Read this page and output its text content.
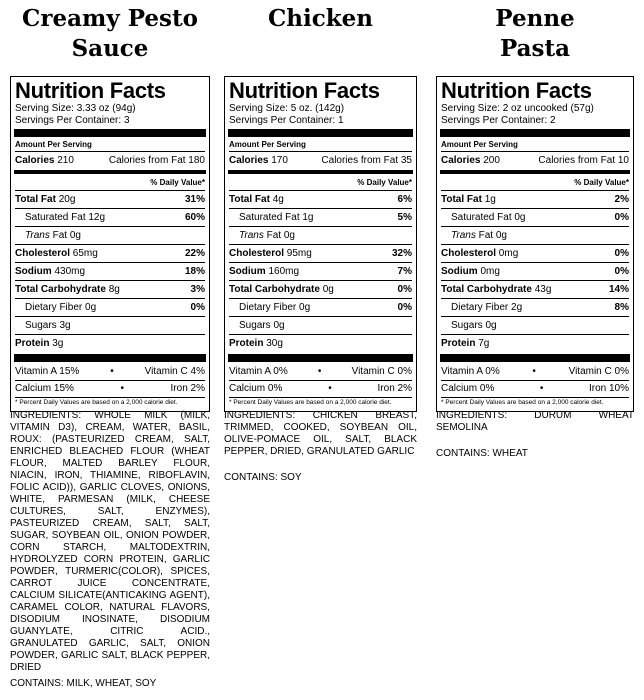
Creamy Pesto
Sauce
Nutrition Facts
Serving Size: 3.33 oz (94g)
Servings Per Container: 3
Amount Per Serving
Calories 210	Calories from Fat 180
% Daily Value*
Total Fat 20g	31%
Saturated Fat 12g	60%
Trans Fat 0g
Cholesterol 65mg	22%
Sodium 430mg	18%
Total Carbohydrate 8g	3%
Dietary Fiber 0g	0%
Sugars 3g
Protein 3g
Vitamin A 15%	•	Vitamin C 4%
Calcium 15%	•	Iron 2%
* Percent Daily Values are based on a 2,000 calorie diet.
INGREDIENTS: WHOLE MILK (MILK, VITAMIN D3), CREAM, WATER, BASIL, ROUX: (PASTEURIZED CREAM, SALT, ENRICHED BLEACHED FLOUR (WHEAT FLOUR, MALTED BARLEY FLOUR, NIACIN, IRON, THIAMINE, RIBOFLAVIN, FOLIC ACID)), GARLIC CLOVES, ONIONS, WHITE, PARMESAN (MILK, CHEESE CULTURES, SALT, ENZYMES), PASTEURIZED CREAM, SALT, SALT, SUGAR, SOYBEAN OIL, ONION POWDER, CORN STARCH, MALTODEXTRIN, HYDROLYZED CORN PROTEIN, GARLIC POWDER, TURMERIC(COLOR), SPICES, CARROT JUICE CONCENTRATE, CALCIUM SILICATE(ANTICAKING AGENT), CARAMEL COLOR, NATURAL FLAVORS, DISODIUM INOSINATE, DISODIUM GUANYLATE, CITRIC ACID., GRANULATED GARLIC, SALT, ONION POWDER, GARLIC SALT, BLACK PEPPER, DRIED
CONTAINS: MILK, WHEAT, SOY
Chicken
Nutrition Facts
Serving Size: 5 oz. (142g)
Servings Per Container: 1
Amount Per Serving
Calories 170	Calories from Fat 35
% Daily Value*
Total Fat 4g	6%
Saturated Fat 1g	5%
Trans Fat 0g
Cholesterol 95mg	32%
Sodium 160mg	7%
Total Carbohydrate 0g	0%
Dietary Fiber 0g	0%
Sugars 0g
Protein 30g
Vitamin A 0%	•	Vitamin C 0%
Calcium 0%	•	Iron 2%
* Percent Daily Values are based on a 2,000 calorie diet.
INGREDIENTS: CHICKEN BREAST, TRIMMED, COOKED, SOYBEAN OIL, OLIVE-POMACE OIL, SALT, BLACK PEPPER, DRIED, GRANULATED GARLIC
CONTAINS: SOY
Penne
Pasta
Nutrition Facts
Serving Size: 2 oz uncooked (57g)
Servings Per Container: 2
Amount Per Serving
Calories 200	Calories from Fat 10
% Daily Value*
Total Fat 1g	2%
Saturated Fat 0g	0%
Trans Fat 0g
Cholesterol 0mg	0%
Sodium 0mg	0%
Total Carbohydrate 43g	14%
Dietary Fiber 2g	8%
Sugars 0g
Protein 7g
Vitamin A 0%	•	Vitamin C 0%
Calcium 0%	•	Iron 10%
* Percent Daily Values are based on a 2,000 calorie diet.
INGREDIENTS: DURUM WHEAT SEMOLINA
CONTAINS: WHEAT
